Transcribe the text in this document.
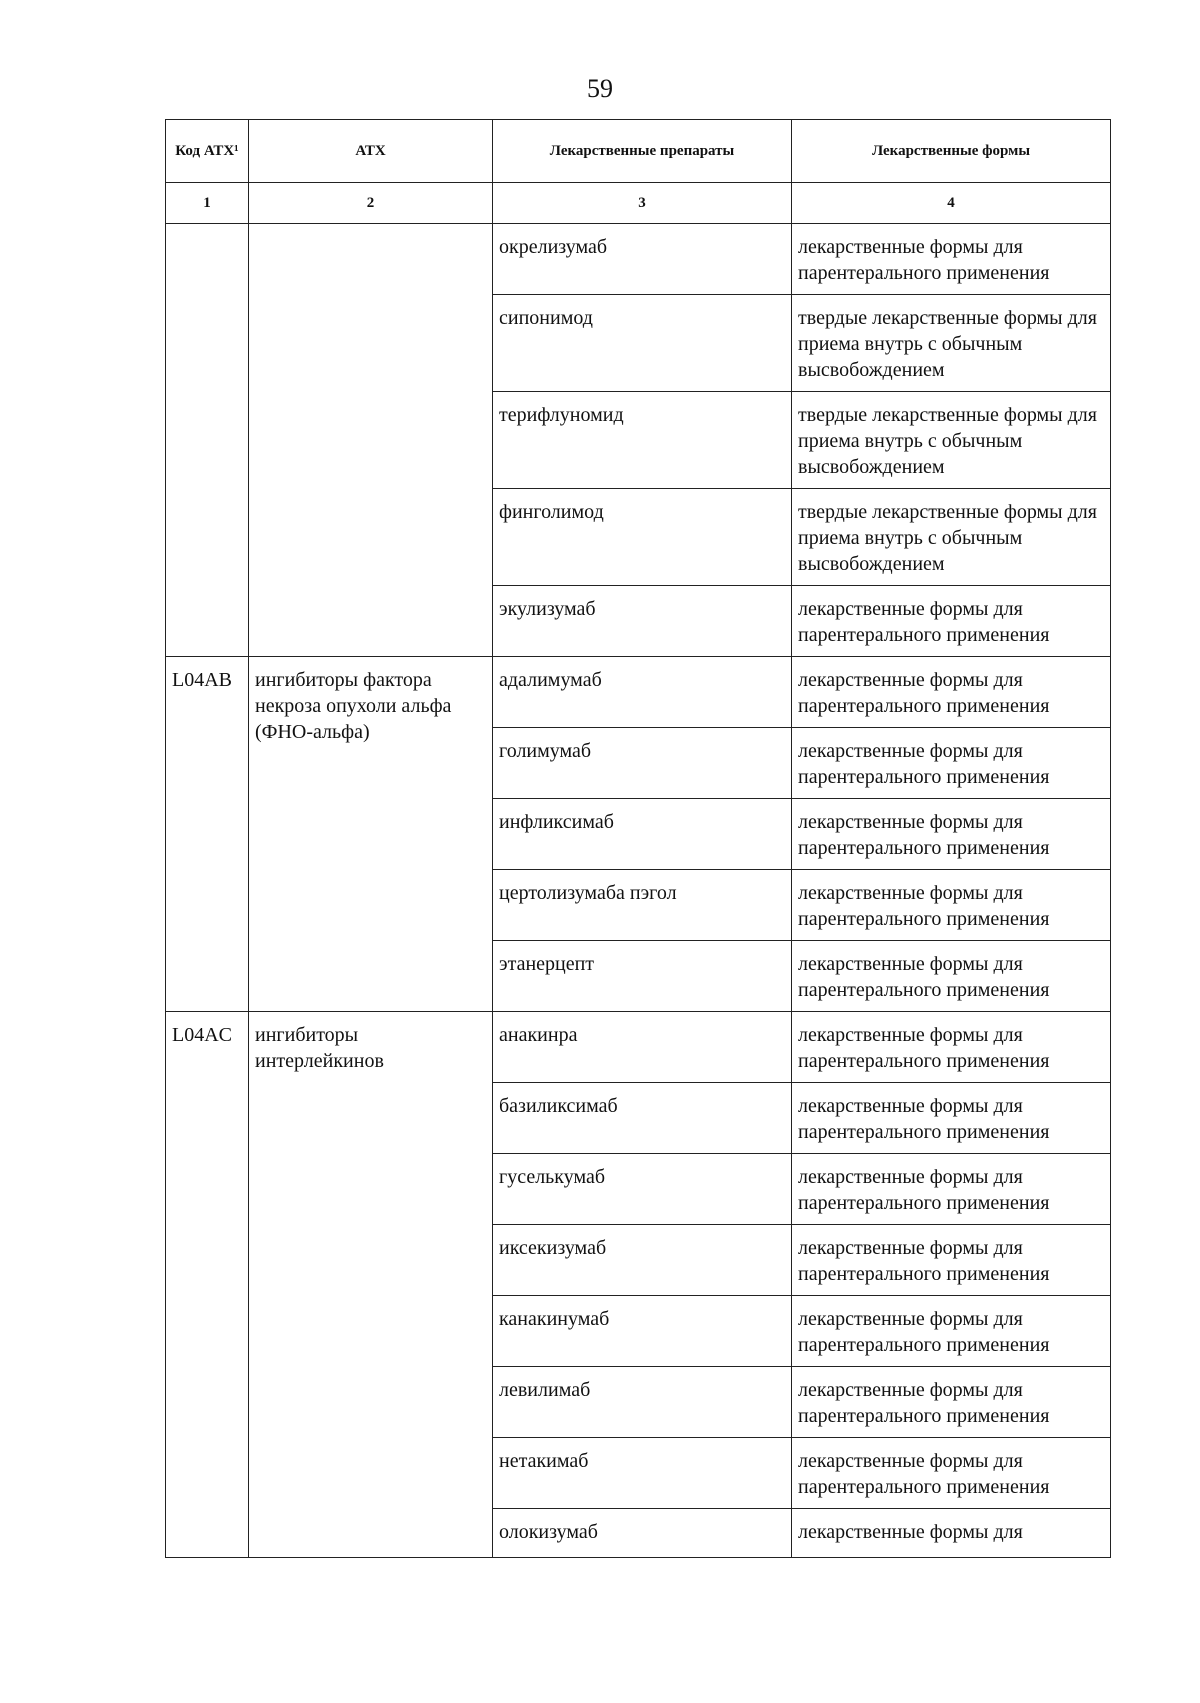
59
Код АТХ¹	АТХ	Лекарственные препараты	Лекарственные формы
1	2	3	4
		окрелизумаб	лекарственные формы для парентерального применения
		сипонимод	твердые лекарственные формы для приема внутрь с обычным высвобождением
		терифлуномид	твердые лекарственные формы для приема внутрь с обычным высвобождением
		финголимод	твердые лекарственные формы для приема внутрь с обычным высвобождением
		экулизумаб	лекарственные формы для парентерального применения
L04AB	ингибиторы фактора некроза опухоли альфа (ФНО-альфа)	адалимумаб	лекарственные формы для парентерального применения
		голимумаб	лекарственные формы для парентерального применения
		инфликсимаб	лекарственные формы для парентерального применения
		цертолизумаба пэгол	лекарственные формы для парентерального применения
		этанерцепт	лекарственные формы для парентерального применения
L04AC	ингибиторы интерлейкинов	анакинра	лекарственные формы для парентерального применения
		базиликсимаб	лекарственные формы для парентерального применения
		гуселькумаб	лекарственные формы для парентерального применения
		иксекизумаб	лекарственные формы для парентерального применения
		канакинумаб	лекарственные формы для парентерального применения
		левилимаб	лекарственные формы для парентерального применения
		нетакимаб	лекарственные формы для парентерального применения
		олокизумаб	лекарственные формы для
